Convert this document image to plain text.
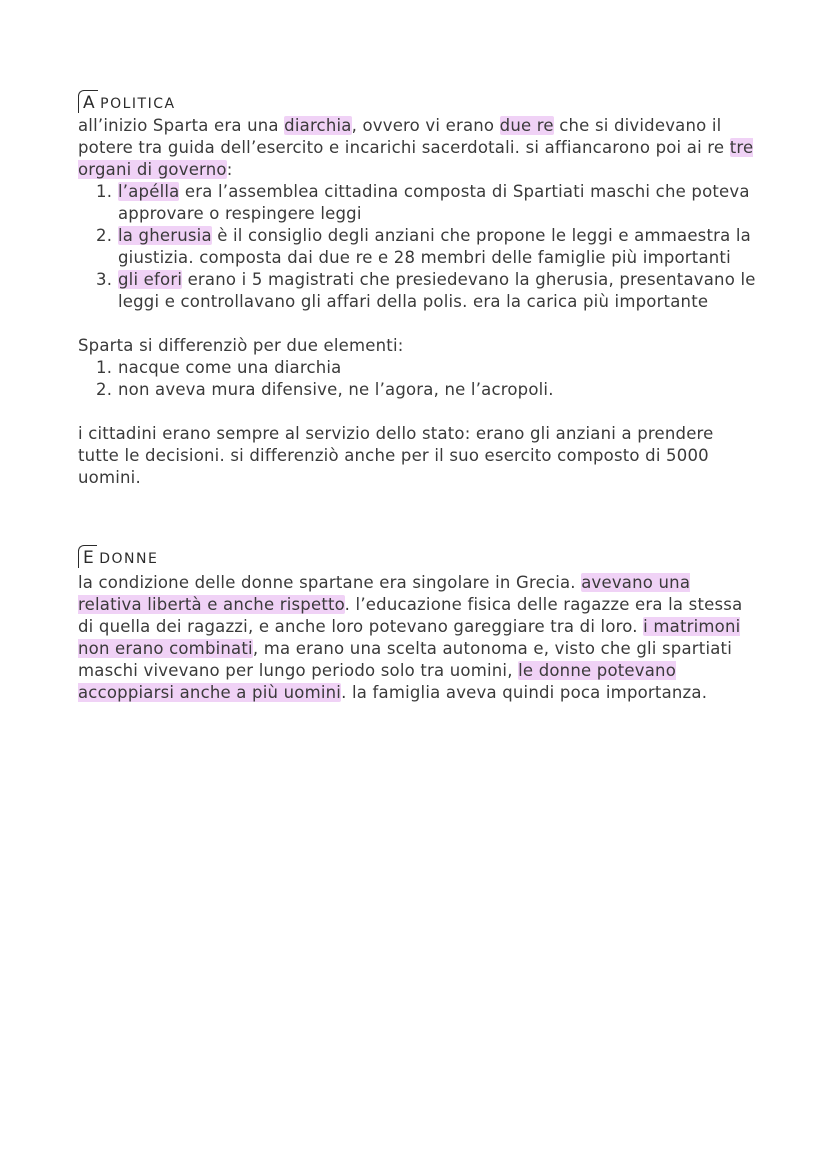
A POLITICA
all’inizio Sparta era una diarchia, ovvero vi erano due re che si dividevano il potere tra guida dell’esercito e incarichi sacerdotali. si affiancarono poi ai re tre organi di governo:
1. l’apélla era l’assemblea cittadina composta di Spartiati maschi che poteva approvare o respingere leggi
2. la gherusia è il consiglio degli anziani che propone le leggi e ammaestra la giustizia. composta dai due re e 28 membri delle famiglie più importanti
3. gli efori erano i 5 magistrati che presiedevano la gherusia, presentavano le leggi e controllavano gli affari della polis. era la carica più importante
Sparta si differenziò per due elementi:
1. nacque come una diarchia
2. non aveva mura difensive, ne l’agora, ne l’acropoli.
i cittadini erano sempre al servizio dello stato: erano gli anziani a prendere tutte le decisioni. si differenziò anche per il suo esercito composto di 5000 uomini.
E DONNE
la condizione delle donne spartane era singolare in Grecia. avevano una relativa libertà e anche rispetto. l’educazione fisica delle ragazze era la stessa di quella dei ragazzi, e anche loro potevano gareggiare tra di loro. i matrimoni non erano combinati, ma erano una scelta autonoma e, visto che gli spartiati maschi vivevano per lungo periodo solo tra uomini, le donne potevano accoppiarsi anche a più uomini. la famiglia aveva quindi poca importanza.
